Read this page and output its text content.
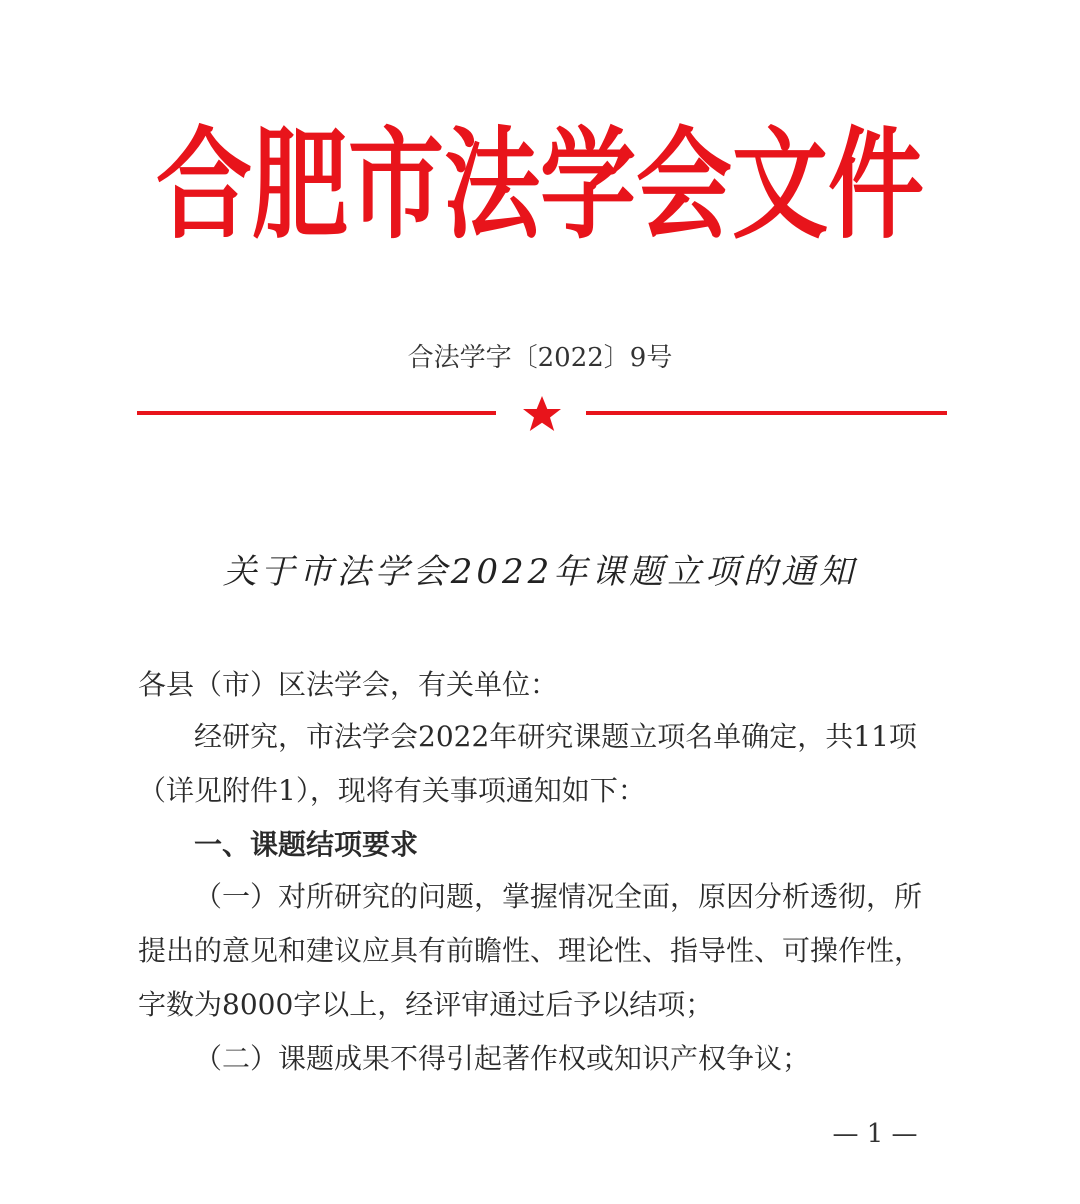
合肥市法学会文件
合法学字〔2022〕9号
关于市法学会2022年课题立项的通知
各县（市）区法学会，有关单位：
经研究，市法学会2022年研究课题立项名单确定，共11项
（详见附件1），现将有关事项通知如下：
一、课题结项要求
（一）对所研究的问题，掌握情况全面，原因分析透彻，所
提出的意见和建议应具有前瞻性、理论性、指导性、可操作性，
字数为8000字以上，经评审通过后予以结项；
（二）课题成果不得引起著作权或知识产权争议；
— 1 —
